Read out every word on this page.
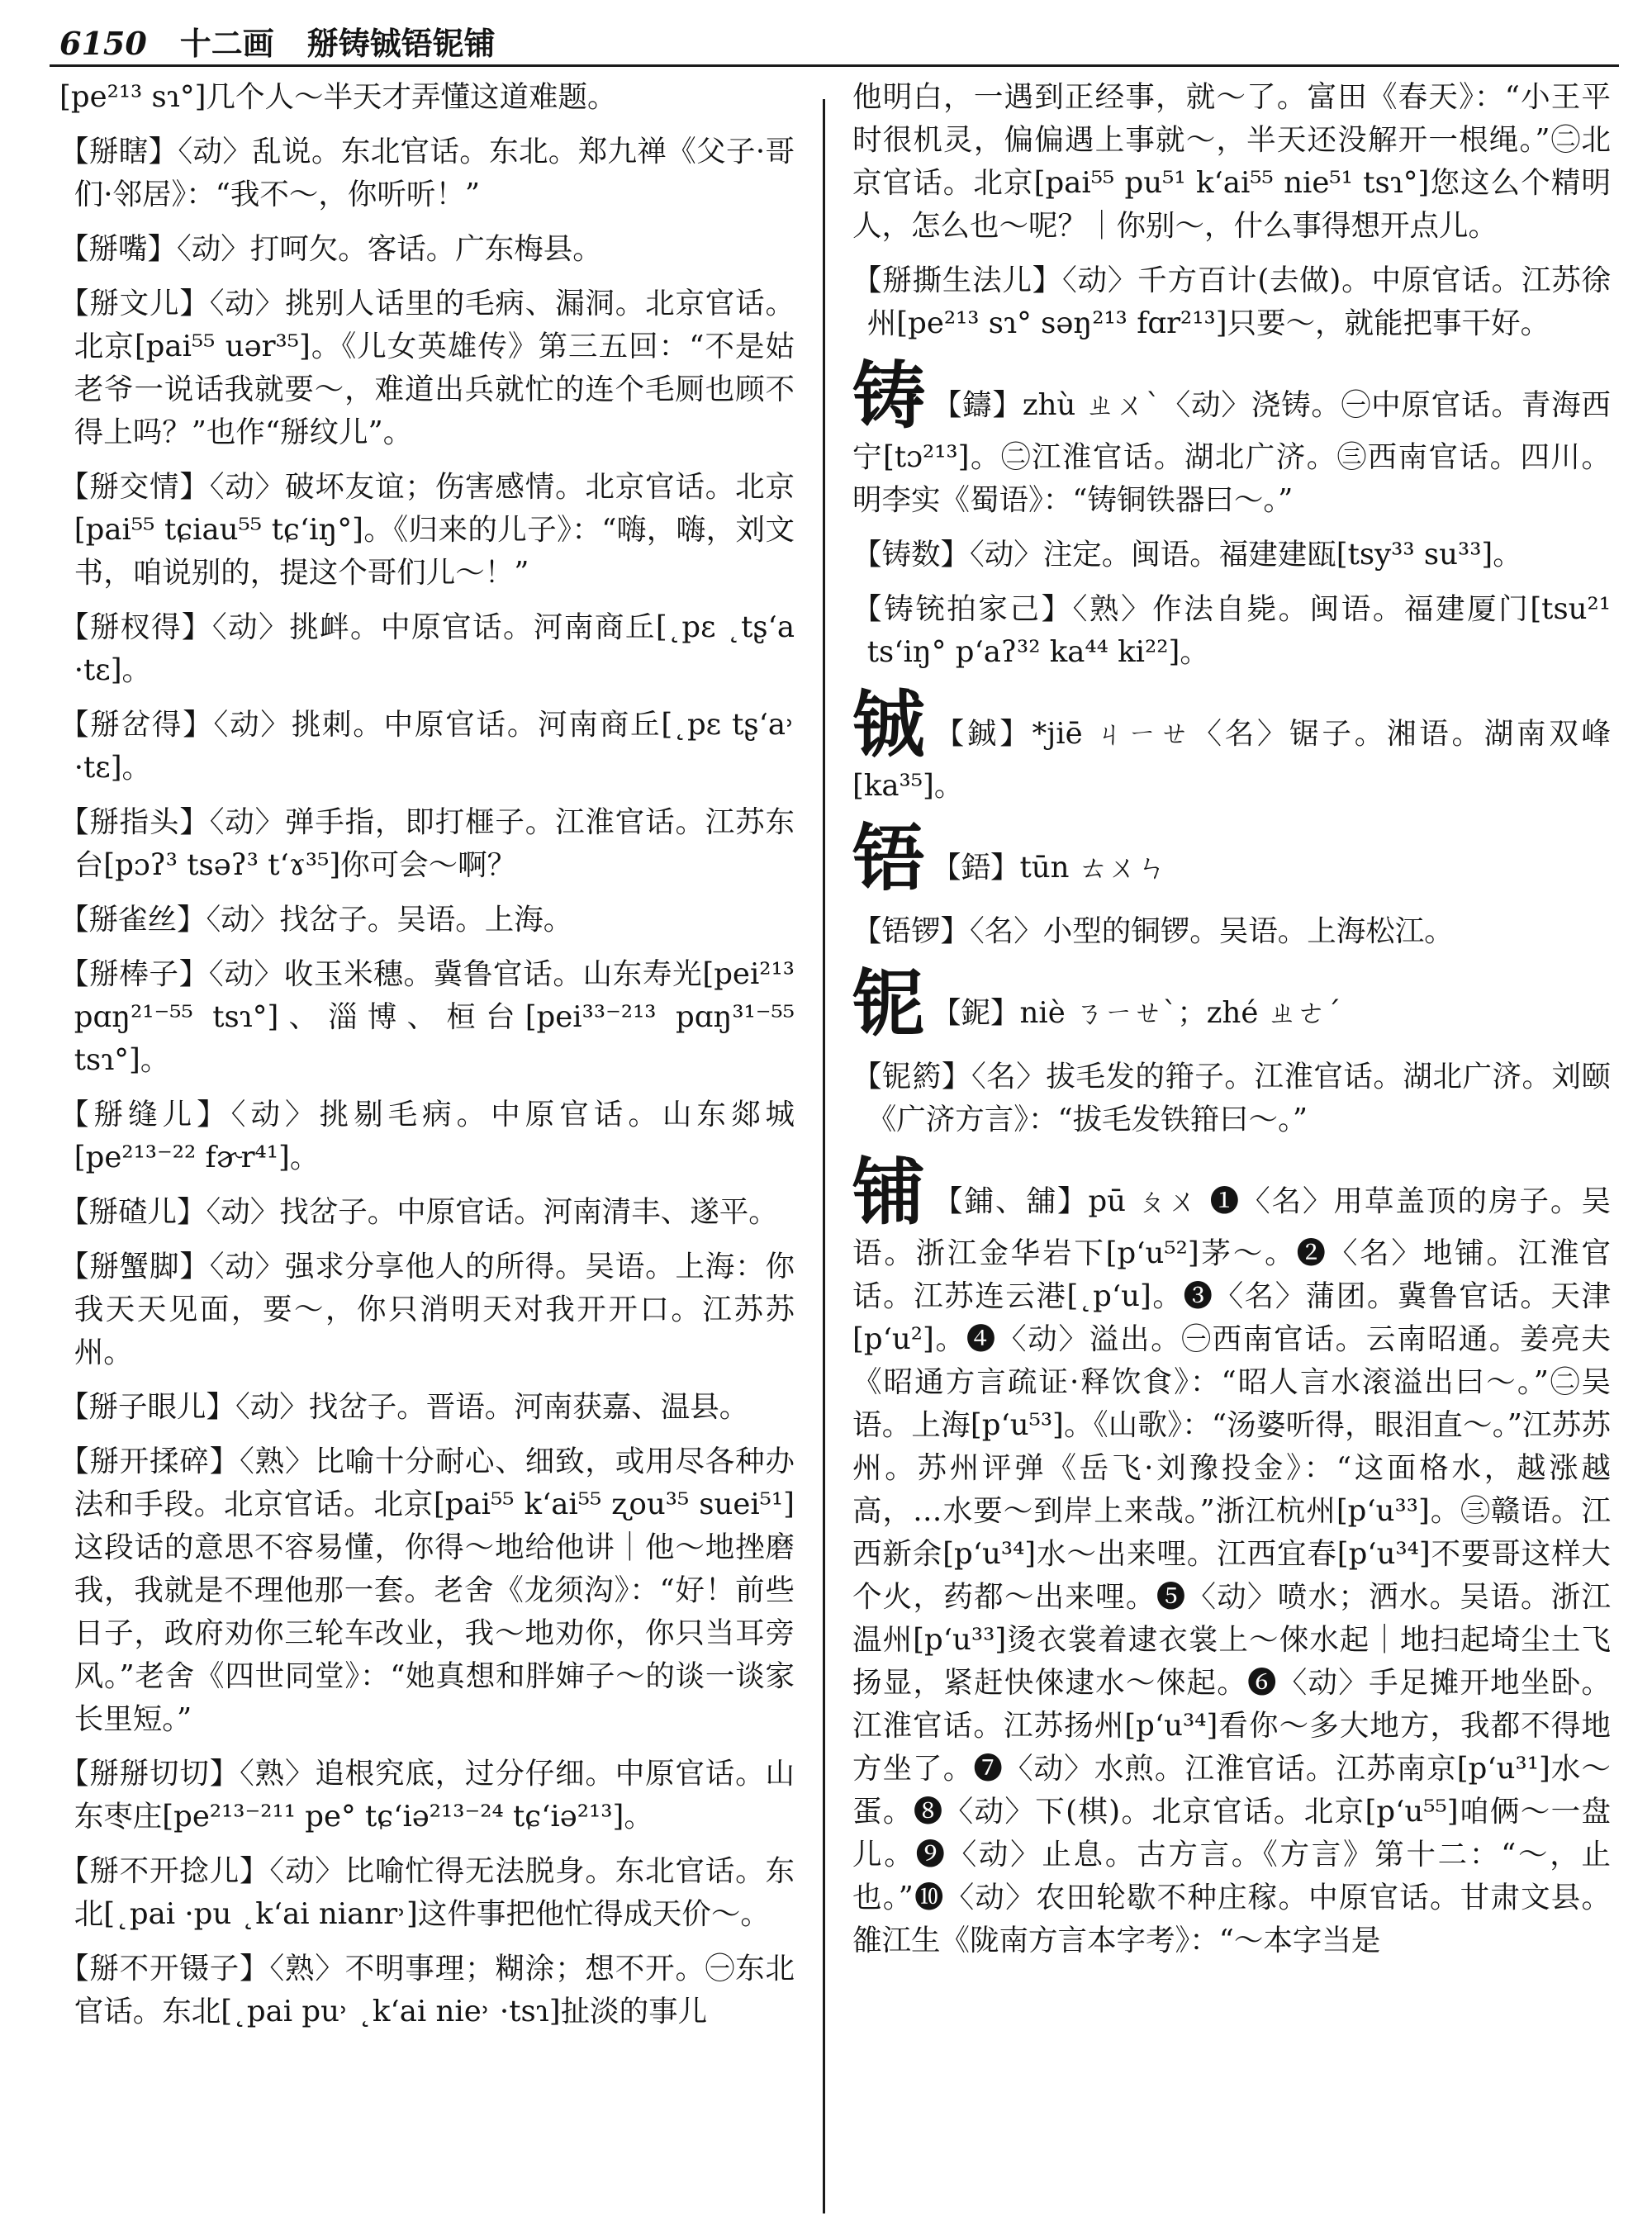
6150 十二画 掰铸铖铻铌铺

[pe²¹³ sɿ°]几个人～半天才弄懂这道难题。

【掰瞎】〈动〉乱说。东北官话。东北。郑九禅《父子·哥们·邻居》：“我不～，你听听！”

【掰嘴】〈动〉打呵欠。客话。广东梅县。

【掰文儿】〈动〉挑别人话里的毛病、漏洞。北京官话。北京[pai⁵⁵ uər³⁵]。《儿女英雄传》第三五回：“不是姑老爷一说话我就要～，难道出兵就忙的连个毛厕也顾不得上吗？”也作“掰纹儿”。

【掰交情】〈动〉破坏友谊；伤害感情。北京官话。北京[pai⁵⁵ tɕiau⁵⁵ tɕʻiŋ°]。《归来的儿子》：“嗨，嗨，刘文书，咱说别的，提这个哥们儿～！”

【掰杈得】〈动〉挑衅。中原官话。河南商丘[˛pɛ ˛tʂʻa ·tɛ]。

【掰岔得】〈动〉挑刺。中原官话。河南商丘[˛pɛ tʂʻa˒ ·tɛ]。

【掰指头】〈动〉弹手指，即打榧子。江淮官话。江苏东台[pɔʔ³ tsəʔ³ tʻɤ³⁵]你可会～啊？

【掰雀丝】〈动〉找岔子。吴语。上海。

【掰棒子】〈动〉收玉米穗。冀鲁官话。山东寿光[pei²¹³ pɑŋ²¹⁻⁵⁵ tsɿ°]、淄博、桓台[pei³³⁻²¹³ pɑŋ³¹⁻⁵⁵ tsɿ°]。

【掰缝儿】〈动〉挑剔毛病。中原官话。山东郯城[pe²¹³⁻²² fɚr⁴¹]。

【掰碴儿】〈动〉找岔子。中原官话。河南清丰、遂平。

【掰蟹脚】〈动〉强求分享他人的所得。吴语。上海：你我天天见面，要～，你只消明天对我开开口。江苏苏州。

【掰子眼儿】〈动〉找岔子。晋语。河南获嘉、温县。

【掰开揉碎】〈熟〉比喻十分耐心、细致，或用尽各种办法和手段。北京官话。北京[pai⁵⁵ kʻai⁵⁵ ʐou³⁵ suei⁵¹]这段话的意思不容易懂，你得～地给他讲｜他～地挫磨我，我就是不理他那一套。老舍《龙须沟》：“好！前些日子，政府劝你三轮车改业，我～地劝你，你只当耳旁风。”老舍《四世同堂》：“她真想和胖婶子～的谈一谈家长里短。”

【掰掰切切】〈熟〉追根究底，过分仔细。中原官话。山东枣庄[pe²¹³⁻²¹¹ pe° tɕʻiə²¹³⁻²⁴ tɕʻiə²¹³]。

【掰不开捻儿】〈动〉比喻忙得无法脱身。东北官话。东北[˛pai ·pu ˛kʻai nianr˒]这件事把他忙得成天价～。

【掰不开镊子】〈熟〉不明事理；糊涂；想不开。㊀东北官话。东北[˛pai pu˒ ˛kʻai nie˒ ·tsɿ]扯淡的事儿

他明白，一遇到正经事，就～了。富田《春天》：“小王平时很机灵，偏偏遇上事就～，半天还没解开一根绳。”㊁北京官话。北京[pai⁵⁵ pu⁵¹ kʻai⁵⁵ nie⁵¹ tsɿ°]您这么个精明人，怎么也～呢？｜你别～，什么事得想开点儿。

【掰撕生法儿】〈动〉千方百计(去做)。中原官话。江苏徐州[pe²¹³ sɿ° səŋ²¹³ fɑr²¹³]只要～，就能把事干好。

铸 【鑄】zhù ㄓㄨˋ〈动〉浇铸。㊀中原官话。青海西宁[tɔ²¹³]。㊁江淮官话。湖北广济。㊂西南官话。四川。明李实《蜀语》：“铸铜铁器曰～。”

【铸数】〈动〉注定。闽语。福建建瓯[tsy³³ su³³]。

【铸铳拍家己】〈熟〉作法自毙。闽语。福建厦门[tsu²¹ tsʻiŋ° pʻaʔ³² ka⁴⁴ ki²²]。

铖 【鋮】*jiē ㄐㄧㄝ〈名〉锯子。湘语。湖南双峰[ka³⁵]。

铻 【鋙】tūn ㄊㄨㄣ

【铻锣】〈名〉小型的铜锣。吴语。上海松江。

铌 【鈮】niè ㄋㄧㄝˋ；zhé ㄓㄜˊ

【铌箹】〈名〉拔毛发的箝子。江淮官话。湖北广济。刘颐《广济方言》：“拔毛发铁箝曰～。”

铺 【鋪、舖】pū ㄆㄨ ❶〈名〉用草盖顶的房子。吴语。浙江金华岩下[pʻu⁵²]茅～。❷〈名〉地铺。江淮官话。江苏连云港[˛pʻu]。❸〈名〉蒲团。冀鲁官话。天津[pʻu²]。❹〈动〉溢出。㊀西南官话。云南昭通。姜亮夫《昭通方言疏证·释饮食》：“昭人言水滚溢出曰～。”㊁吴语。上海[pʻu⁵³]。《山歌》：“汤婆听得，眼泪直～。”江苏苏州。苏州评弹《岳飞·刘豫投金》：“这面格水，越涨越高，…水要～到岸上来哉。”浙江杭州[pʻu³³]。㊂赣语。江西新余[pʻu³⁴]水～出来哩。江西宜春[pʻu³⁴]不要哥这样大个火，药都～出来哩。❺〈动〉喷水；洒水。吴语。浙江温州[pʻu³³]烫衣裳着逮衣裳上～倈水起｜地扫起埼尘土飞扬显，紧赶快倈逮水～倈起。❻〈动〉手足摊开地坐卧。江淮官话。江苏扬州[pʻu³⁴]看你～多大地方，我都不得地方坐了。❼〈动〉水煎。江淮官话。江苏南京[pʻu³¹]水～蛋。❽〈动〉下(棋)。北京官话。北京[pʻu⁵⁵]咱俩～一盘儿。❾〈动〉止息。古方言。《方言》第十二：“～，止也。”❿〈动〉农田轮歇不种庄稼。中原官话。甘肃文县。雒江生《陇南方言本字考》：“～本字当是
